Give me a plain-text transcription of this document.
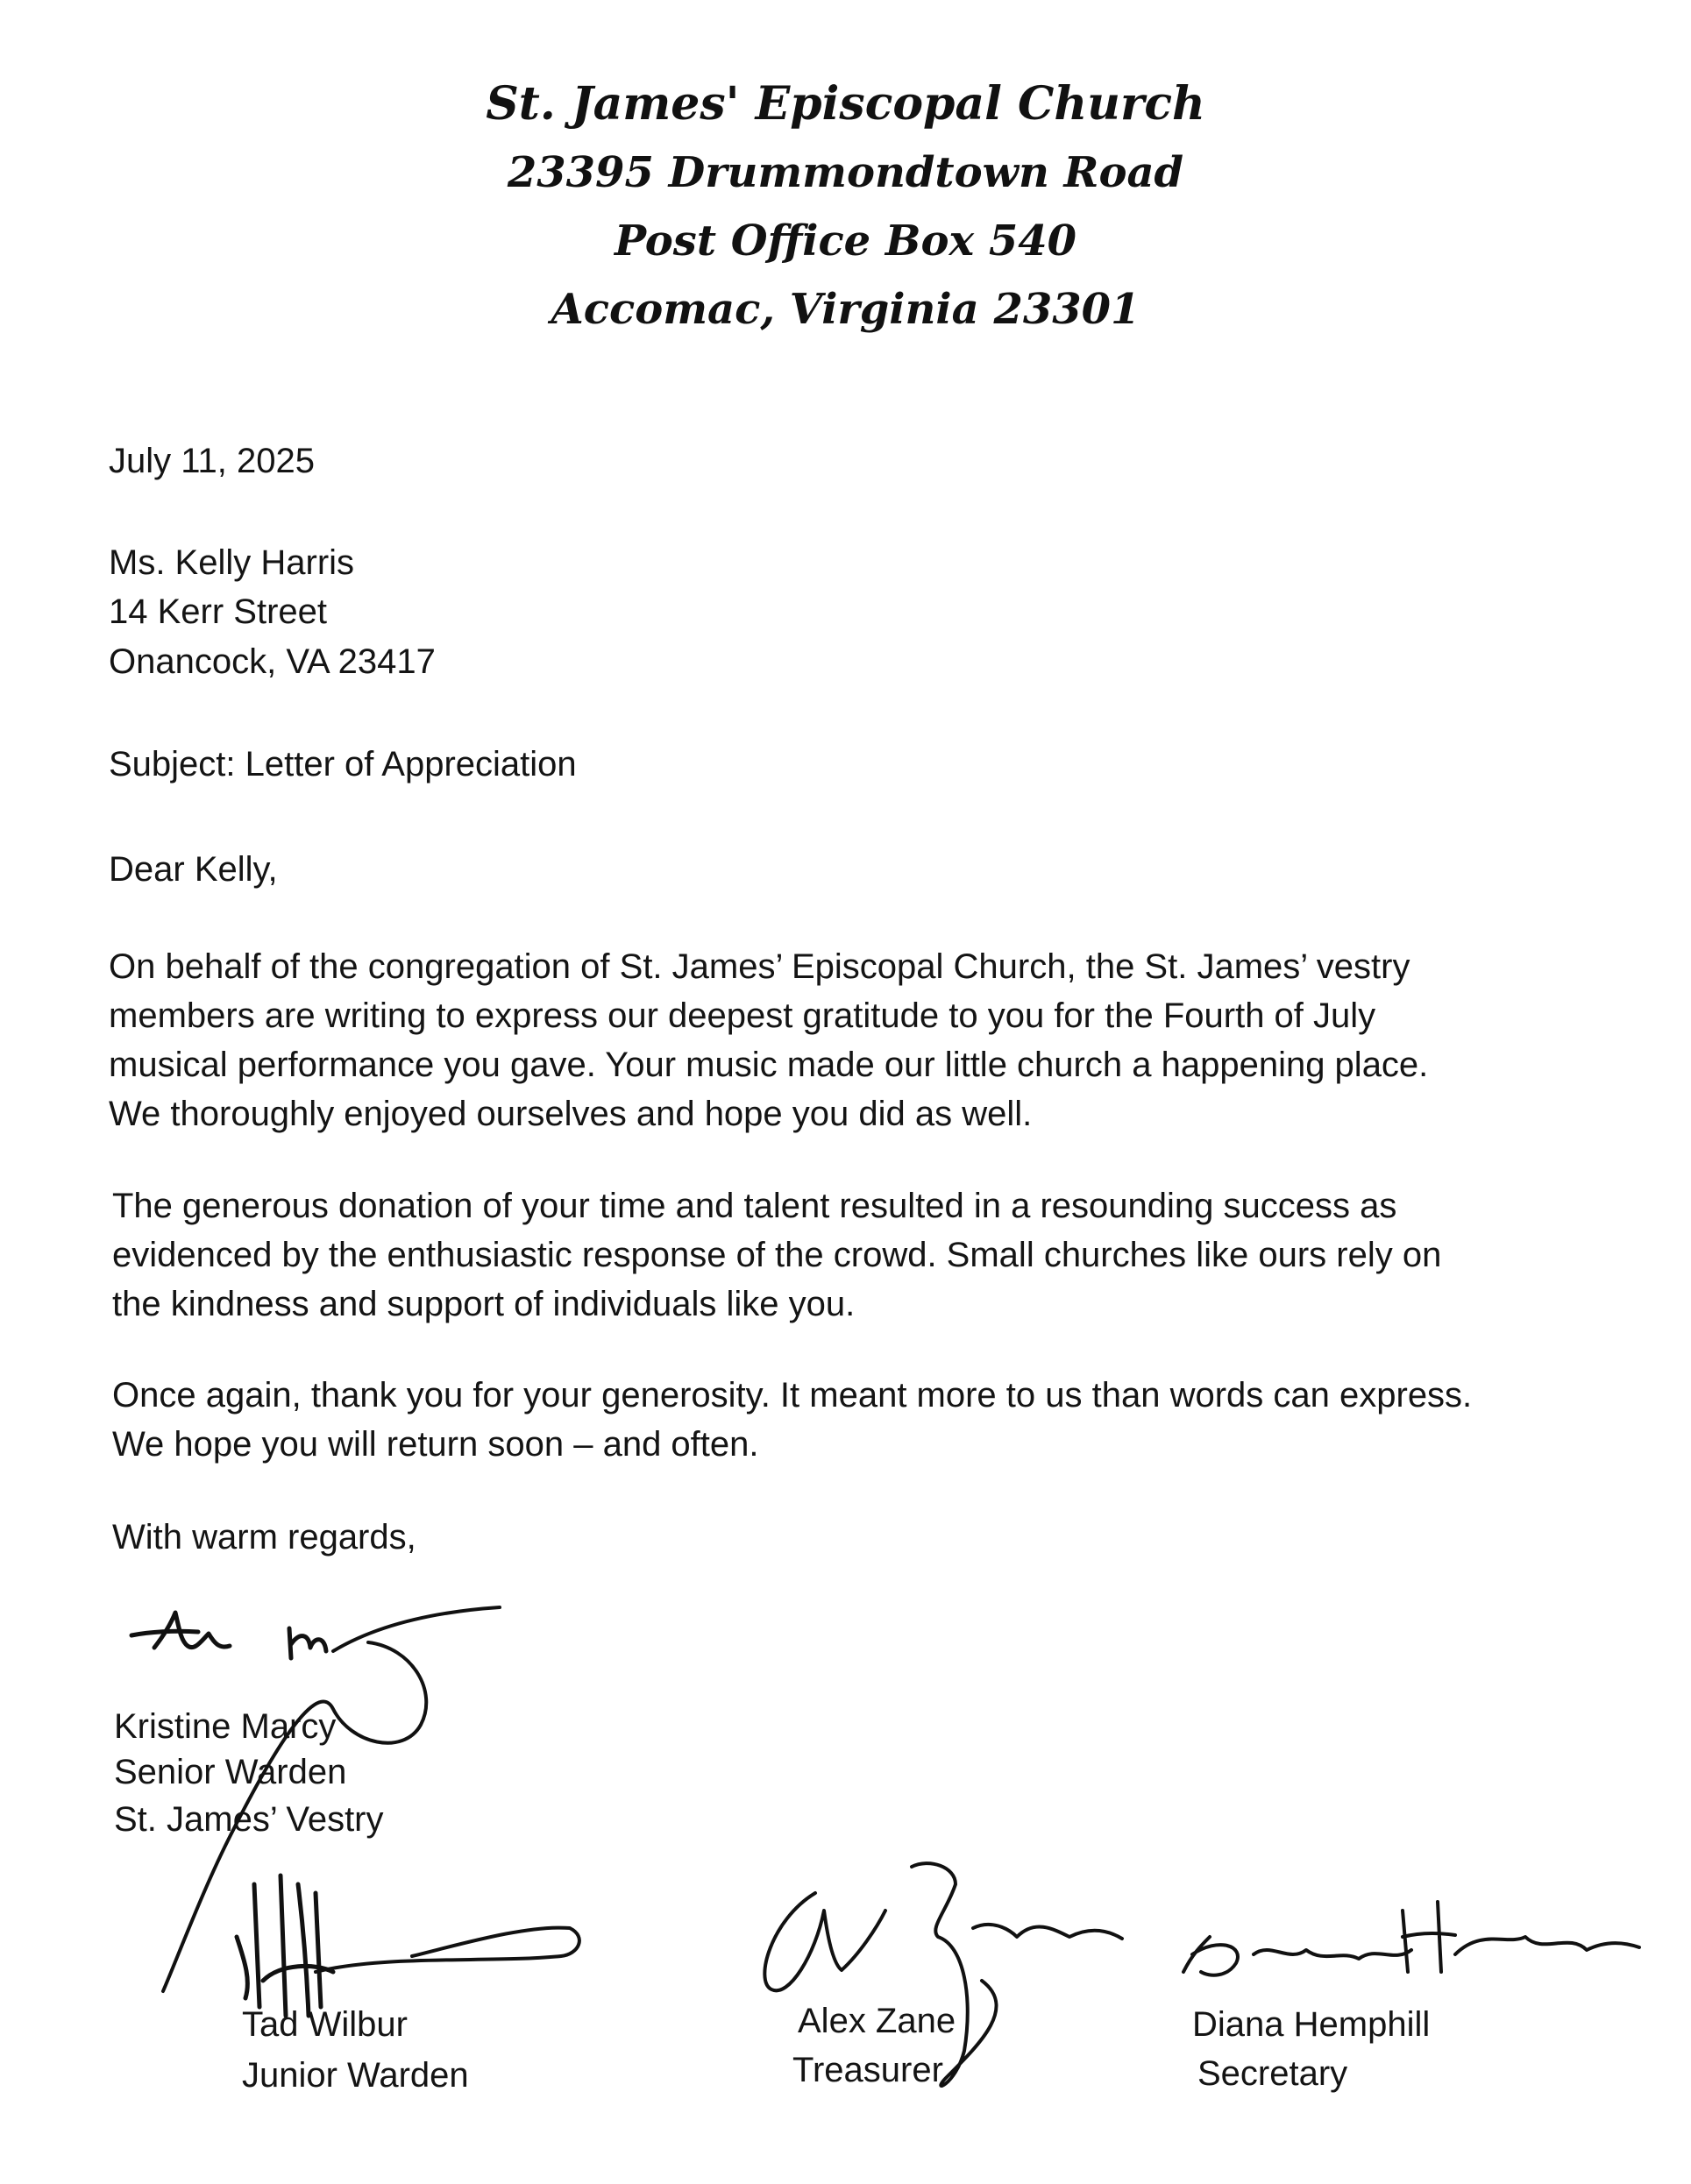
St. James' Episcopal Church
23395 Drummondtown Road
Post Office Box 540
Accomac, Virginia 23301
July 11, 2025
Ms. Kelly Harris
14 Kerr Street
Onancock, VA 23417
Subject: Letter of Appreciation
Dear Kelly,
On behalf of the congregation of St. James’ Episcopal Church, the St. James’ vestry
members are writing to express our deepest gratitude to you for the Fourth of July
musical performance you gave. Your music made our little church a happening place.
We thoroughly enjoyed ourselves and hope you did as well.
The generous donation of your time and talent resulted in a resounding success as
evidenced by the enthusiastic response of the crowd. Small churches like ours rely on
the kindness and support of individuals like you.
Once again, thank you for your generosity. It meant more to us than words can express.
We hope you will return soon – and often.
With warm regards,
Kristine Marcy
Senior Warden
St. James’ Vestry
Tad Wilbur
Junior Warden
Alex Zane
Treasurer
Diana Hemphill
Secretary
